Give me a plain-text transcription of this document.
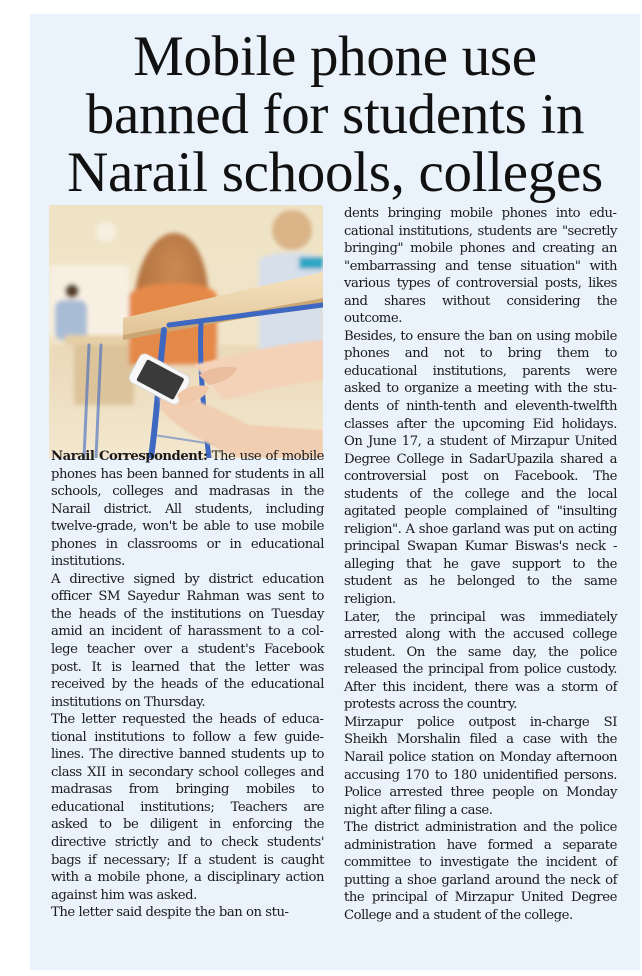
Mobile phone use
banned for students in
Narail schools, colleges

Narail Correspondent: The use of mobile phones has been banned for students in all schools, colleges and madrasas in the Narail district. All students, including twelve-grade, won't be able to use mobile phones in classrooms or in educational institutions.

A directive signed by district education officer SM Sayedur Rahman was sent to the heads of the institutions on Tuesday amid an incident of harassment to a college teacher over a student's Facebook post. It is learned that the letter was received by the heads of the educational institutions on Thursday.

The letter requested the heads of educational institutions to follow a few guidelines. The directive banned students up to class XII in secondary school colleges and madrasas from bringing mobiles to educational institutions; Teachers are asked to be diligent in enforcing the directive strictly and to check students' bags if necessary; If a student is caught with a mobile phone, a disciplinary action against him was asked.

The letter said despite the ban on stu-

dents bringing mobile phones into educational institutions, students are "secretly bringing" mobile phones and creating an "embarrassing and tense situation" with various types of controversial posts, likes and shares without considering the outcome.

Besides, to ensure the ban on using mobile phones and not to bring them to educational institutions, parents were asked to organize a meeting with the students of ninth-tenth and eleventh-twelfth classes after the upcoming Eid holidays. On June 17, a student of Mirzapur United Degree College in SadarUpazila shared a controversial post on Facebook. The students of the college and the local agitated people complained of "insulting religion". A shoe garland was put on acting principal Swapan Kumar Biswas's neck - alleging that he gave support to the student as he belonged to the same religion.

Later, the principal was immediately arrested along with the accused college student. On the same day, the police released the principal from police custody. After this incident, there was a storm of protests across the country.

Mirzapur police outpost in-charge SI Sheikh Morshalin filed a case with the Narail police station on Monday afternoon accusing 170 to 180 unidentified persons. Police arrested three people on Monday night after filing a case.

The district administration and the police administration have formed a separate committee to investigate the incident of putting a shoe garland around the neck of the principal of Mirzapur United Degree College and a student of the college.
